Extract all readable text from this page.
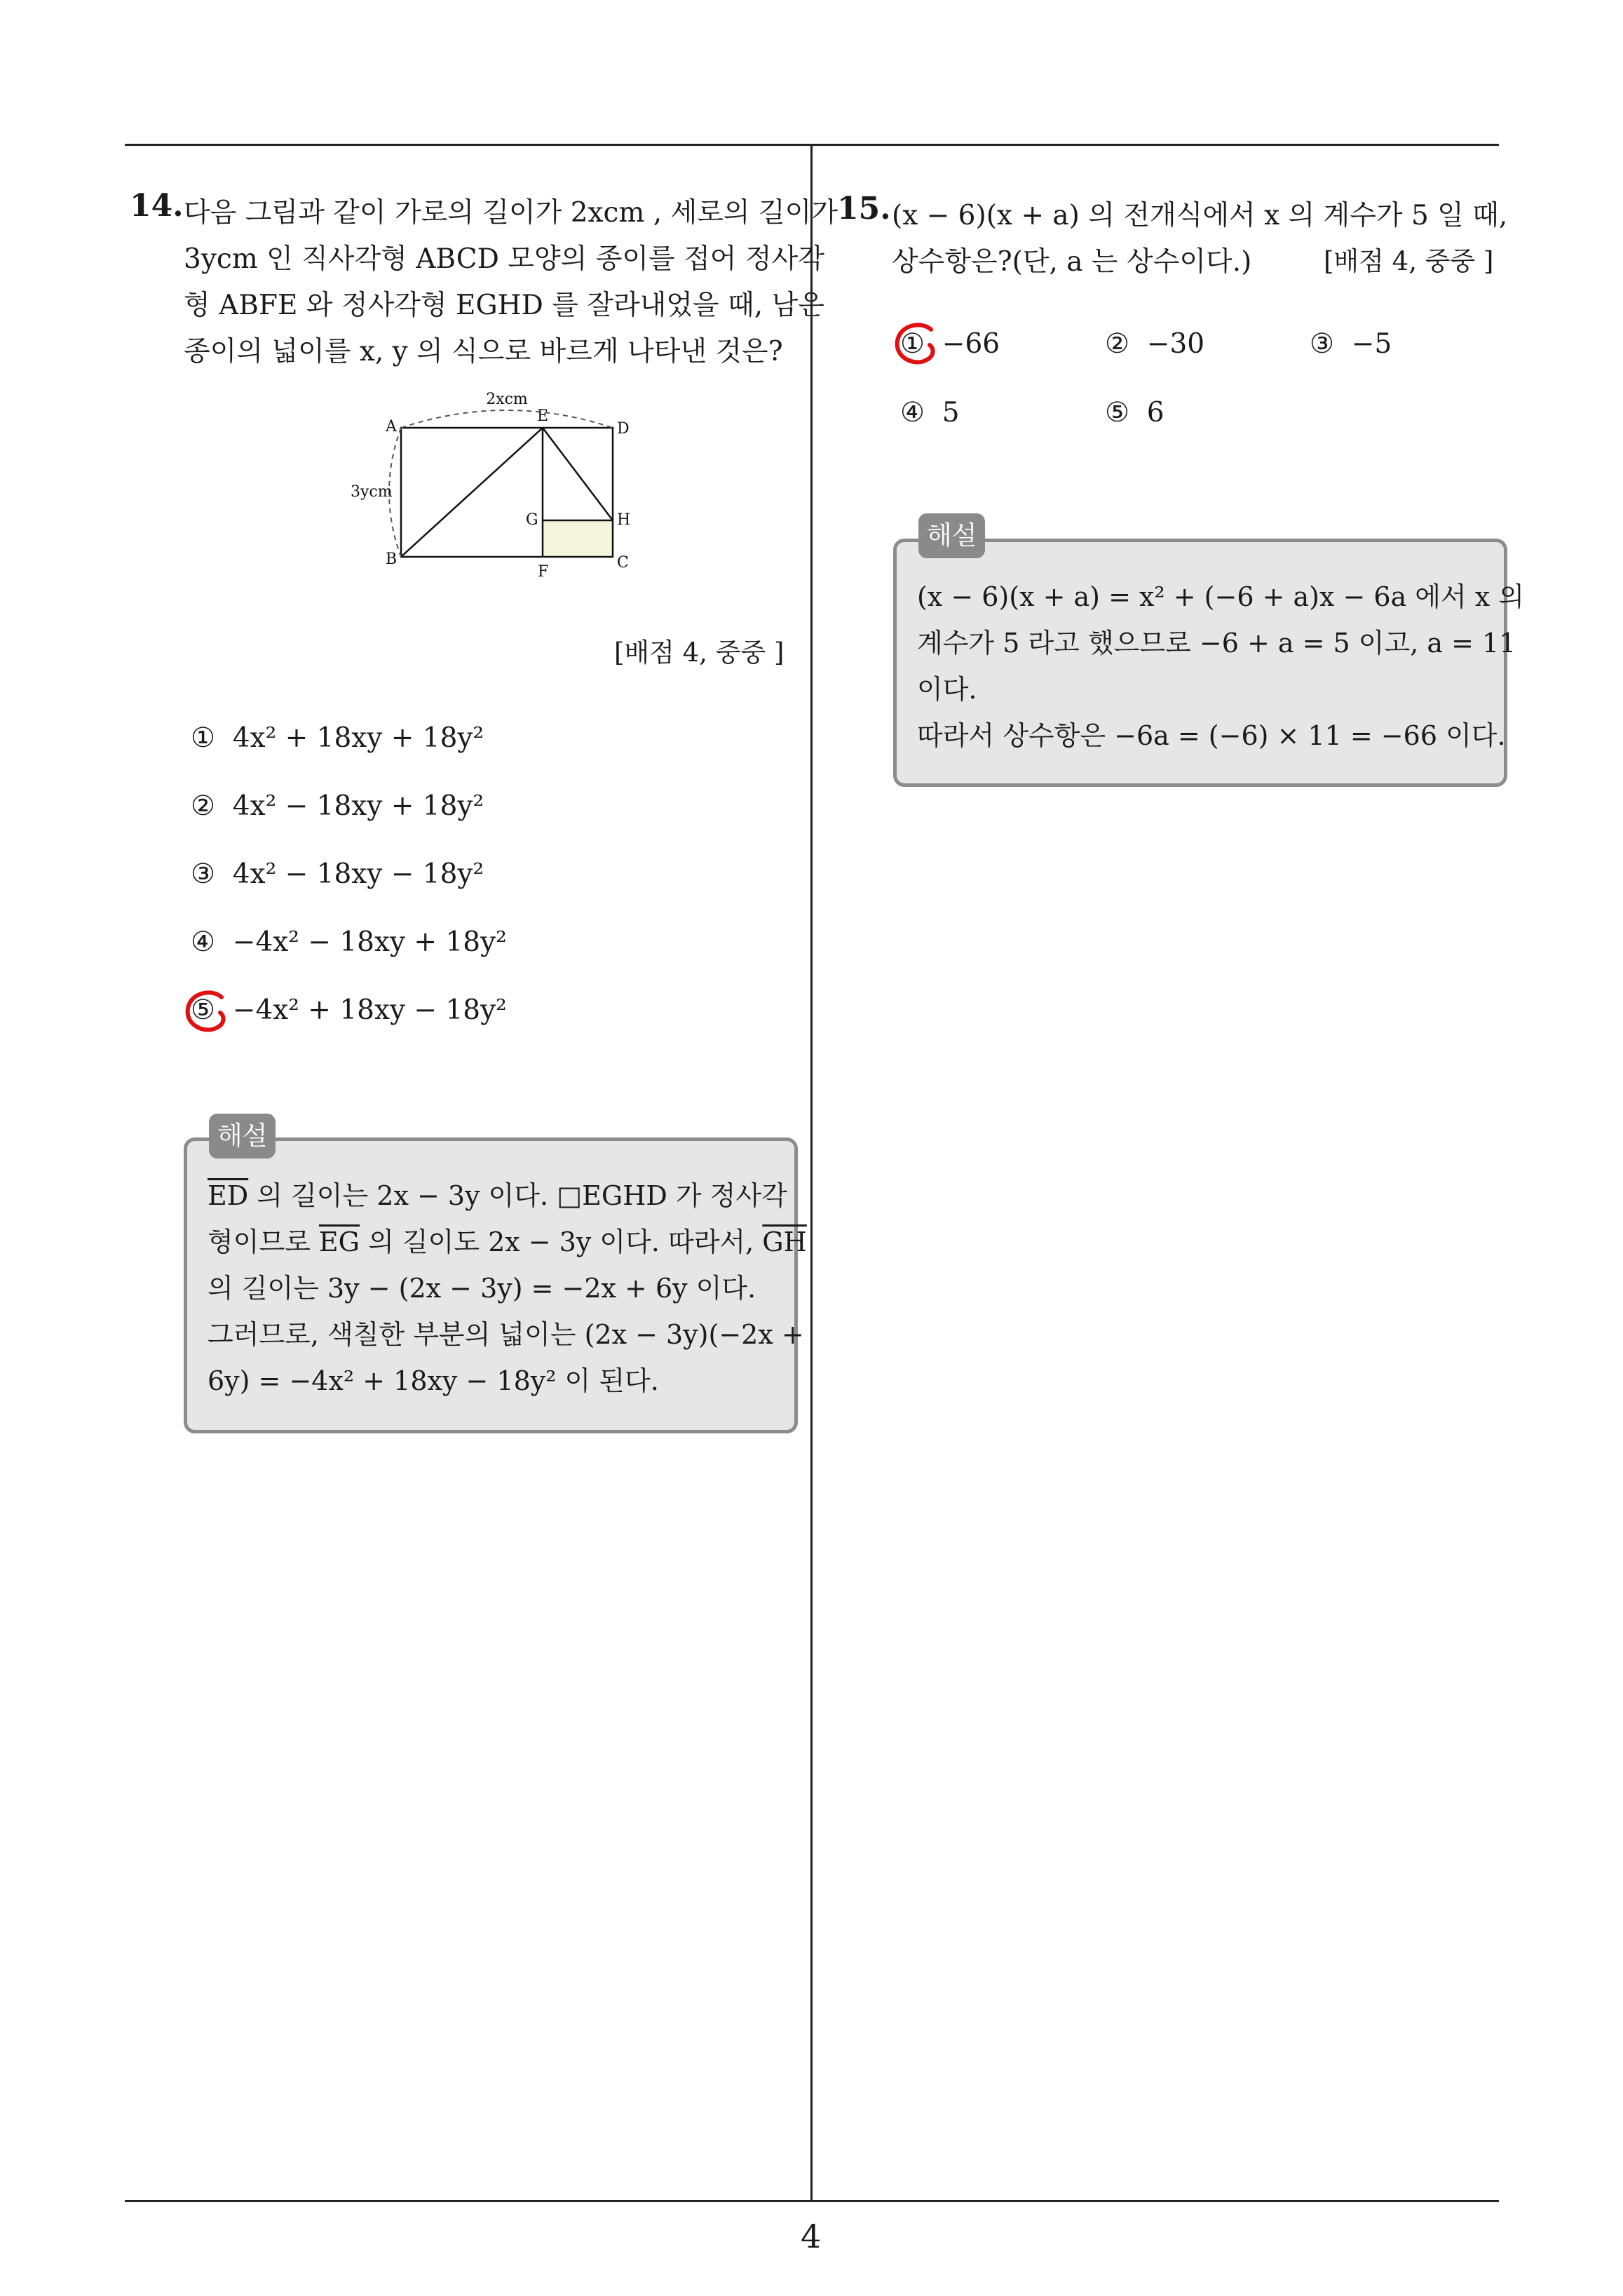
14. 다음 그림과 같이 가로의 길이가 2xcm , 세로의 길이가
3ycm 인 직사각형 ABCD 모양의 종이를 접어 정사각
형 ABFE 와 정사각형 EGHD 를 잘라내었을 때, 남은
종이의 넓이를 x, y 의 식으로 바르게 나타낸 것은?
2xcm
3ycm
A
B	C
D
E
F
G	H
[배점 4, 중중 ]
① 4x² + 18xy + 18y²
② 4x² − 18xy + 18y²
③ 4x² − 18xy − 18y²
④ −4x² − 18xy + 18y²
⑤ −4x² + 18xy − 18y²
해설
$\overline{ED}$ 의 길이는 2x − 3y 이다. □EGHD 가 정사각
형이므로 $\overline{EG}$ 의 길이도 2x − 3y 이다. 따라서, $\overline{GH}$
의 길이는 3y − (2x − 3y) = −2x + 6y 이다.
그러므로, 색칠한 부분의 넓이는 (2x − 3y)(−2x +
6y) = −4x² + 18xy − 18y² 이 된다.
15. (x − 6)(x + a) 의 전개식에서 x 의 계수가 5 일 때,
상수항은?(단, a 는 상수이다.)	[배점 4, 중중 ]
① −66	② −30	③ −5
④ 5	⑤ 6
해설
(x − 6)(x + a) = x² + (−6 + a)x − 6a 에서 x 의
계수가 5 라고 했으므로 −6 + a = 5 이고, a = 11
이다.
따라서 상수항은 −6a = (−6) × 11 = −66 이다.
4
